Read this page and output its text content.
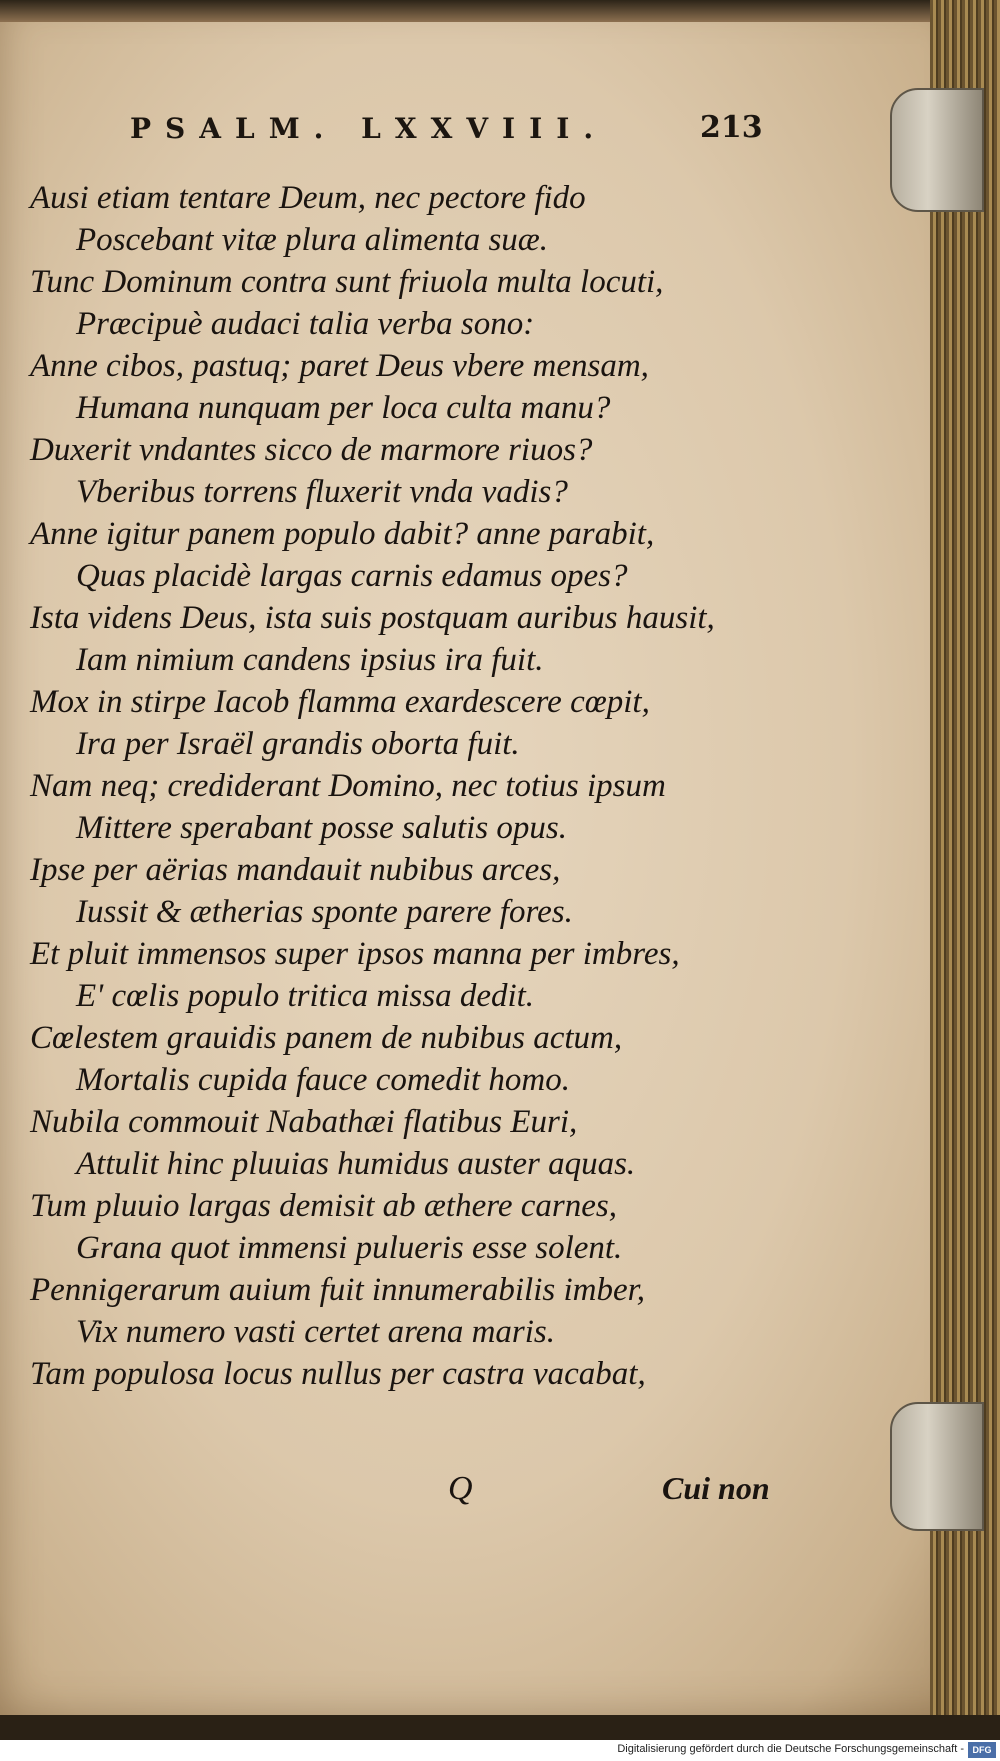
PSALM. LXXVIII.	213
Ausi etiam tentare Deum, nec pectore fido
Poscebant vitæ plura alimenta suæ.
Tunc Dominum contra sunt friuola multa locuti,
Præcipuè audaci talia verba sono:
Anne cibos, pastuq; paret Deus vbere mensam,
Humana nunquam per loca culta manu?
Duxerit vndantes sicco de marmore riuos?
Vberibus torrens fluxerit vnda vadis?
Anne igitur panem populo dabit? anne parabit,
Quas placidè largas carnis edamus opes?
Ista videns Deus, ista suis postquam auribus hausit,
Iam nimium candens ipsius ira fuit.
Mox in stirpe Iacob flamma exardescere cœpit,
Ira per Israël grandis oborta fuit.
Nam neq; crediderant Domino, nec totius ipsum
Mittere sperabant posse salutis opus.
Ipse per aërias mandauit nubibus arces,
Iussit & ætherias sponte parere fores.
Et pluit immensos super ipsos manna per imbres,
E' cœlis populo tritica missa dedit.
Cœlestem grauidis panem de nubibus actum,
Mortalis cupida fauce comedit homo.
Nubila commouit Nabathæi flatibus Euri,
Attulit hinc pluuias humidus auster aquas.
Tum pluuio largas demisit ab æthere carnes,
Grana quot immensi pulueris esse solent.
Pennigerarum auium fuit innumerabilis imber,
Vix numero vasti certet arena maris.
Tam populosa locus nullus per castra vacabat,
Q	Cui non
Digitalisierung gefördert durch die Deutsche Forschungsgemeinschaft - DFG
